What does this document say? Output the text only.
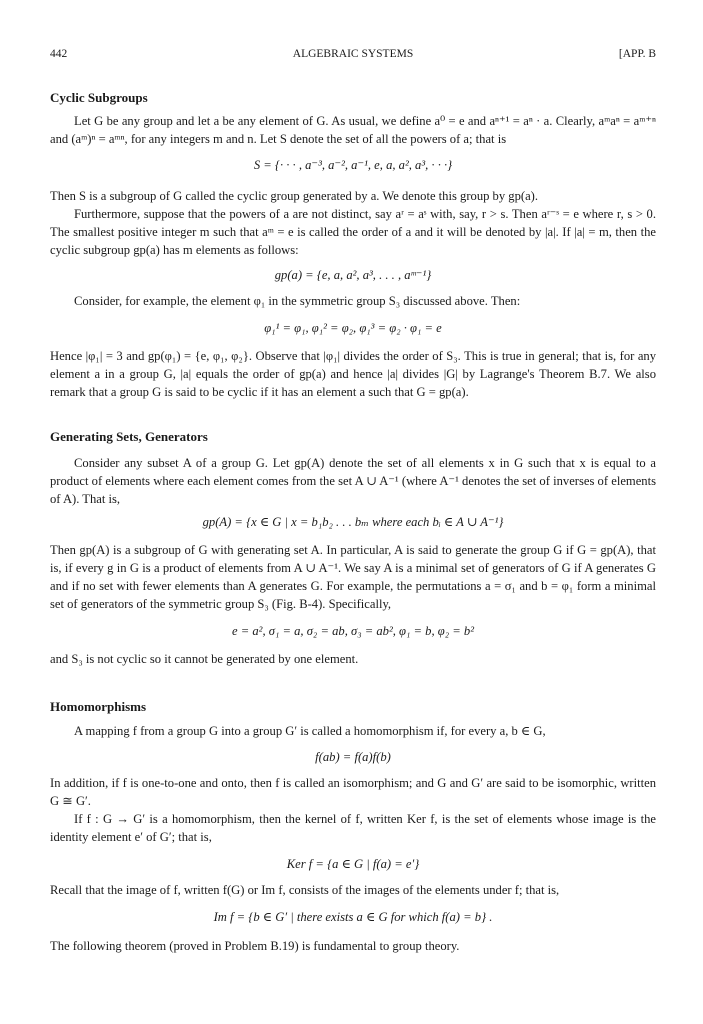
442	ALGEBRAIC SYSTEMS	[APP. B
Cyclic Subgroups
Let G be any group and let a be any element of G. As usual, we define a⁰ = e and aⁿ⁺¹ = aⁿ · a. Clearly, aᵐaⁿ = aᵐ⁺ⁿ and (aᵐ)ⁿ = aᵐⁿ, for any integers m and n. Let S denote the set of all the powers of a; that is
S = {· · · , a⁻³, a⁻², a⁻¹, e, a, a², a³, · · ·}
Then S is a subgroup of G called the cyclic group generated by a. We denote this group by gp(a).
Furthermore, suppose that the powers of a are not distinct, say aʳ = aˢ with, say, r > s. Then aʳ⁻ˢ = e where r, s > 0. The smallest positive integer m such that aᵐ = e is called the order of a and it will be denoted by |a|. If |a| = m, then the cyclic subgroup gp(a) has m elements as follows:
gp(a) = {e, a, a², a³, . . . , aᵐ⁻¹}
Consider, for example, the element φ₁ in the symmetric group S₃ discussed above. Then:
φ₁¹ = φ₁, φ₁² = φ₂, φ₁³ = φ₂ · φ₁ = e
Hence |φ₁| = 3 and gp(φ₁) = {e, φ₁, φ₂}. Observe that |φ₁| divides the order of S₃. This is true in general; that is, for any element a in a group G, |a| equals the order of gp(a) and hence |a| divides |G| by Lagrange's Theorem B.7. We also remark that a group G is said to be cyclic if it has an element a such that G = gp(a).
Generating Sets, Generators
Consider any subset A of a group G. Let gp(A) denote the set of all elements x in G such that x is equal to a product of elements where each element comes from the set A ∪ A⁻¹ (where A⁻¹ denotes the set of inverses of elements of A). That is,
gp(A) = {x ∈ G | x = b₁b₂ . . . bₘ where each bᵢ ∈ A ∪ A⁻¹}
Then gp(A) is a subgroup of G with generating set A. In particular, A is said to generate the group G if G = gp(A), that is, if every g in G is a product of elements from A ∪ A⁻¹. We say A is a minimal set of generators of G if A generates G and if no set with fewer elements than A generates G. For example, the permutations a = σ₁ and b = φ₁ form a minimal set of generators of the symmetric group S₃ (Fig. B-4). Specifically,
e = a², σ₁ = a, σ₂ = ab, σ₃ = ab², φ₁ = b, φ₂ = b²
and S₃ is not cyclic so it cannot be generated by one element.
Homomorphisms
A mapping f from a group G into a group G′ is called a homomorphism if, for every a, b ∈ G,
f(ab) = f(a)f(b)
In addition, if f is one-to-one and onto, then f is called an isomorphism; and G and G′ are said to be isomorphic, written G ≅ G′.
If f : G → G′ is a homomorphism, then the kernel of f, written Ker f, is the set of elements whose image is the identity element e′ of G′; that is,
Ker f = {a ∈ G | f(a) = e′}
Recall that the image of f, written f(G) or Im f, consists of the images of the elements under f; that is,
Im f = {b ∈ G′ | there exists a ∈ G for which f(a) = b} .
The following theorem (proved in Problem B.19) is fundamental to group theory.
